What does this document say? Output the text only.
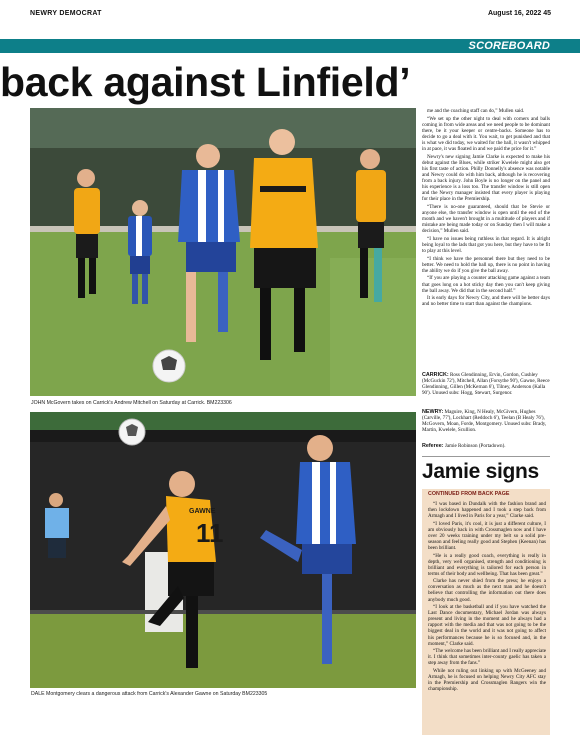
NEWRY DEMOCRAT	August 16, 2022 45
SCOREBOARD
back against Linfield’
JOHN McGovern takes on Carrick's Andrew Mitchell on Saturday at Carrick. BM223306
GAWNE
11
DALE Montgomery clears a dangerous attack from Carrick's Alexander Gawne on Saturday BM223305

me and the coaching staff can do,” Mullen said.

“We set up the other night to deal with corners and balls coming in from wide areas and we need people to be dominant there, be it your keeper or centre-backs. Someone has to decide to go a deal with it. You wait, to get punished and that is what we did today, we waited for the ball, it wasn't whipped in at pace, it was floated in and we paid the price for it.”

Newry's new signing Jamie Clarke is expected to make his debut against the Blues, while striker Kwelele might also get his first taste of action. Philly Donnelly's absence was notable and Newry could do with him back, although he is recovering from a back injury. John Boyle is no longer on the panel and his experience is a loss too. The transfer window is still open and the Newry manager insisted that every player is playing for their place in the Premiership.

“There is no-one guaranteed, should that be Stevie or anyone else, the transfer window is open until the end of the month and we haven't brought in a multitude of players and if mistake are being made today or on Sunday then I will make a decision,” Mullen said.

“I have no issues being ruthless in that regard. It is alright being loyal to the lads that got you here, but they have to be fit to play at this level.

“I think we have the personnel there but they need to be better. We need to hold the ball up, there is no point in having the ability we do if you give the ball away.

“If you are playing a counter attacking game against a team that goes long on a hot sticky day then you can't keep giving the ball away. We did that in the second half.”

It is early days for Newry City, and there will be better days and no better time to start than against the champions.

CARRICK: Ross Glendinning, Ervin, Gordon, Cushley (McGuckin 72'), Mitchell, Allan (Forsythe 90'), Gawne, Reece Glendinning, Gillen (McKernan 6'), Tilney, Anderson (Kalla 90'). Unused subs: Hogg, Stewart, Surgenor.
NEWRY: Maguire, King, N Healy, McGivern, Hughes (Carville, 77'), Lockhart (Reddoch 6'), Teelan (B Healy 76'), McGovern, Moan, Forde, Montgomery. Unused subs: Brady, Martin, Kwelele, Scullion.
Referee: Jamie Robinson (Portadown).
Jamie signs
CONTINUED FROM BACK PAGE

“I was based in Dundalk with the fashion brand and then lockdown happened and I took a step back from Armagh and I lived in Paris for a year,” Clarke said.

“I loved Paris, it's cool, it is just a different culture, I am obviously back in with Crossmaglen now and I have over 20 weeks training under my belt so a solid pre-season and feeling really good and Stephen (Keenan) has been brilliant.

“He is a really good coach, everything is really in depth, very well organised, strength and conditioning is brilliant and everything is tailored for each person in terms of their body and wellbeing. That has been great.”

Clarke has never shied from the press; he enjoys a conversation as much as the next man and he doesn't believe that controlling the information out there does anybody much good.

“I look at the basketball and if you have watched the Last Dance documentary, Michael Jordan was always present and living in the moment and he always had a rapport with the media and that was not going to be the biggest deal in the world and it was not going to affect his performances because he is so focused and, in the moment,” Clarke said.

“The welcome has been brilliant and I really appreciate it. I think that sometimes inter-county gaelic has taken a step away from the fans.”

While not ruling out linking up with McGeeney and Armagh, he is focused on helping Newry City AFC stay in the Premiership and Crossmaglen Rangers win the championship.
